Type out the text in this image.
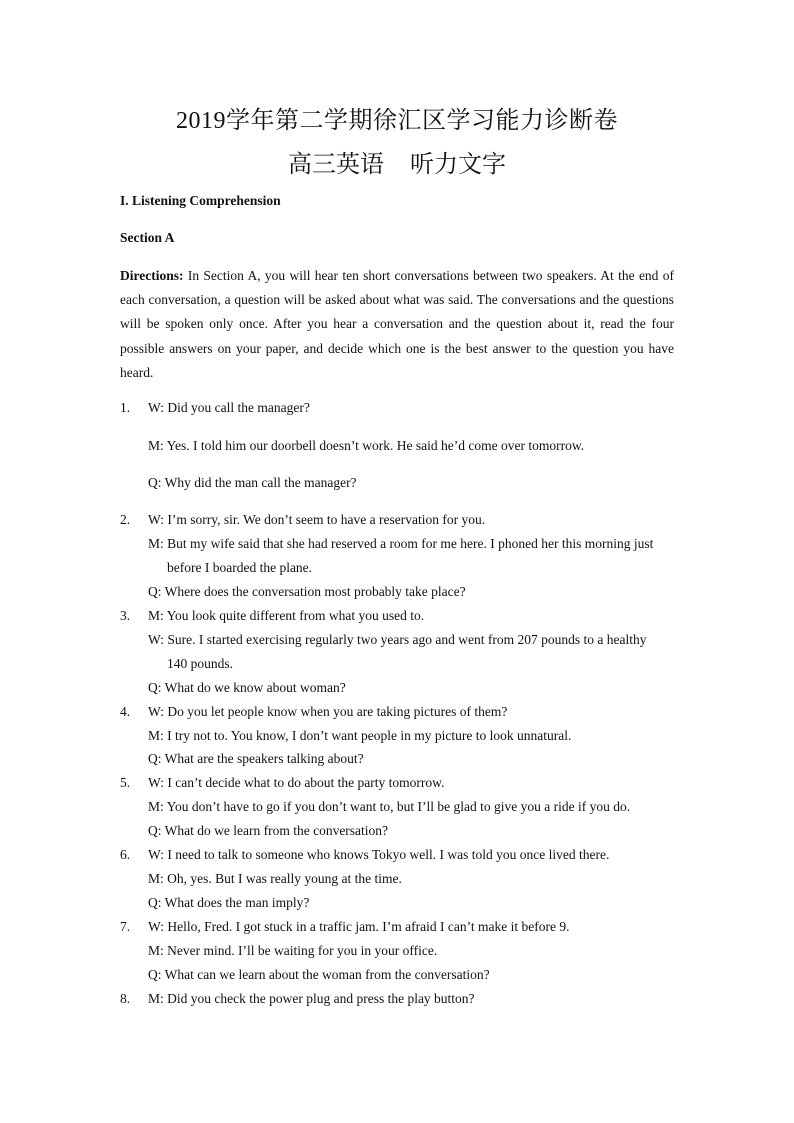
2019学年第二学期徐汇区学习能力诊断卷
高三英语 听力文字
I. Listening Comprehension
Section A
Directions: In Section A, you will hear ten short conversations between two speakers. At the end of each conversation, a question will be asked about what was said. The conversations and the questions will be spoken only once. After you hear a conversation and the question about it, read the four possible answers on your paper, and decide which one is the best answer to the question you have heard.
1. W: Did you call the manager?
M: Yes. I told him our doorbell doesn’t work. He said he’d come over tomorrow.
Q: Why did the man call the manager?
2. W: I’m sorry, sir. We don’t seem to have a reservation for you.
M: But my wife said that she had reserved a room for me here. I phoned her this morning just
before I boarded the plane.
Q: Where does the conversation most probably take place?
3. M: You look quite different from what you used to.
W: Sure. I started exercising regularly two years ago and went from 207 pounds to a healthy
140 pounds.
Q: What do we know about woman?
4. W: Do you let people know when you are taking pictures of them?
M: I try not to. You know, I don’t want people in my picture to look unnatural.
Q: What are the speakers talking about?
5. W: I can’t decide what to do about the party tomorrow.
M: You don’t have to go if you don’t want to, but I’ll be glad to give you a ride if you do.
Q: What do we learn from the conversation?
6. W: I need to talk to someone who knows Tokyo well. I was told you once lived there.
M: Oh, yes. But I was really young at the time.
Q: What does the man imply?
7. W: Hello, Fred. I got stuck in a traffic jam. I’m afraid I can’t make it before 9.
M: Never mind. I’ll be waiting for you in your office.
Q: What can we learn about the woman from the conversation?
8. M: Did you check the power plug and press the play button?
